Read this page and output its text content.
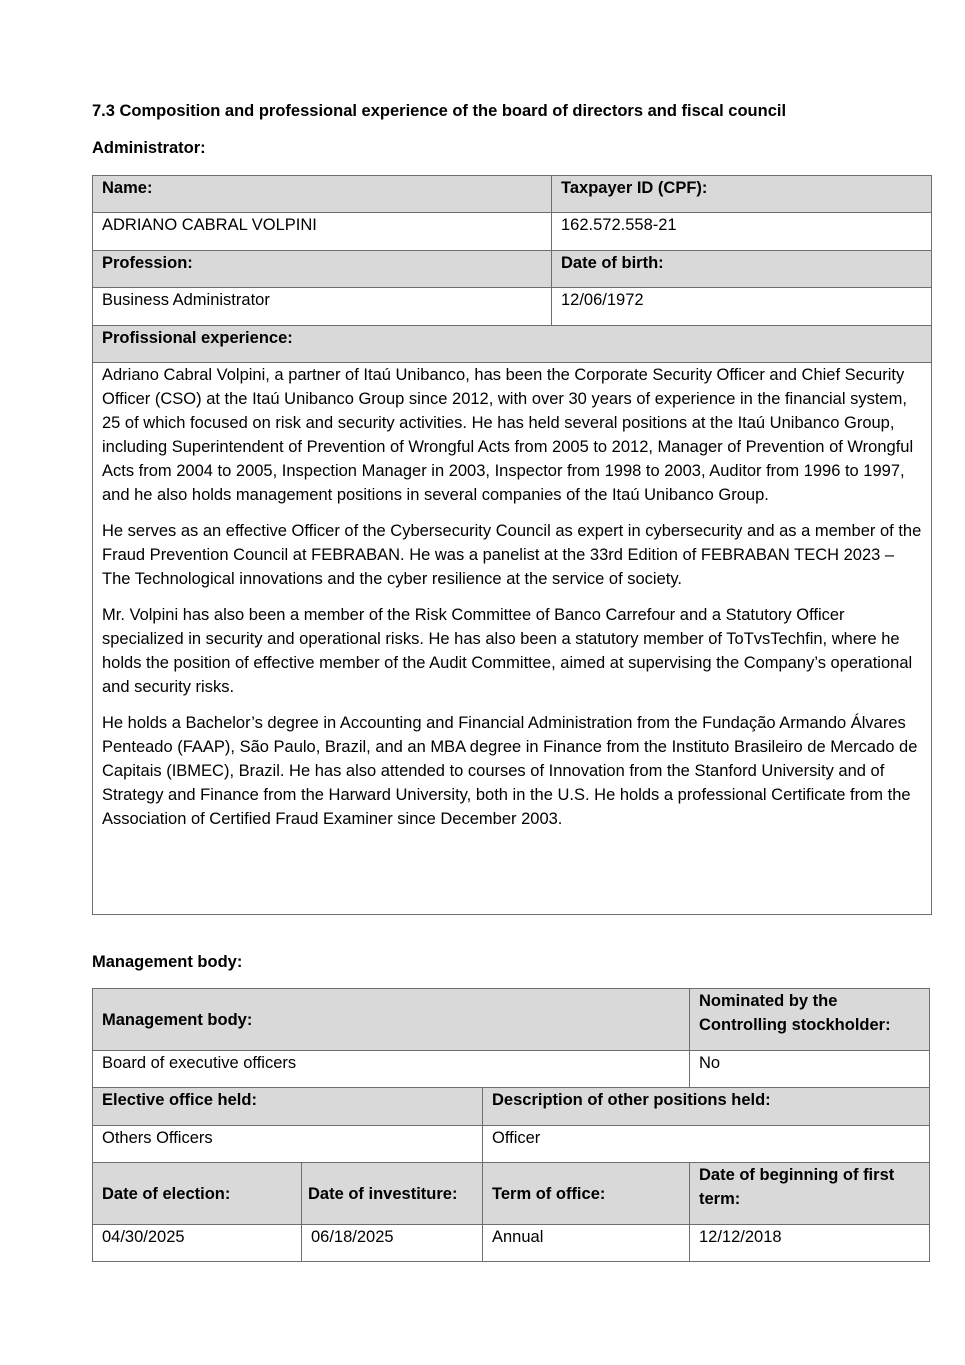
7.3 Composition and professional experience of the board of directors and fiscal council
Administrator:
Name:	Taxpayer ID (CPF):
ADRIANO CABRAL VOLPINI	162.572.558-21
Profession:	Date of birth:
Business Administrator	12/06/1972
Profissional experience:	

Adriano Cabral Volpini, a partner of Itaú Unibanco, has been the Corporate Security Officer and Chief Security Officer (CSO) at the Itaú Unibanco Group since 2012, with over 30 years of experience in the financial system, 25 of which focused on risk and security activities. He has held several positions at the Itaú Unibanco Group, including Superintendent of Prevention of Wrongful Acts from 2005 to 2012, Manager of Prevention of Wrongful Acts from 2004 to 2005, Inspection Manager in 2003, Inspector from 1998 to 2003, Auditor from 1996 to 1997, and he also holds management positions in several companies of the Itaú Unibanco Group.

He serves as an effective Officer of the Cybersecurity Council as expert in cybersecurity and as a member of the Fraud Prevention Council at FEBRABAN. He was a panelist at the 33rd Edition of FEBRABAN TECH 2023 – The Technological innovations and the cyber resilience at the service of society.

Mr. Volpini has also been a member of the Risk Committee of Banco Carrefour and a Statutory Officer specialized in security and operational risks. He has also been a statutory member of ToTvsTechfin, where he holds the position of effective member of the Audit Committee, aimed at supervising the Company’s operational and security risks.

He holds a Bachelor’s degree in Accounting and Financial Administration from the Fundação Armando Álvares Penteado (FAAP), São Paulo, Brazil, and an MBA degree in Finance from the Instituto Brasileiro de Mercado de Capitais (IBMEC), Brazil. He has also attended to courses of Innovation from the Stanford University and of Strategy and Finance from the Harward University, both in the U.S. He holds a professional Certificate from the Association of Certified Fraud Examiner since December 2003.	

Management body:
Management body:			Nominated by the Controlling stockholder:
Board of executive officers			No
Elective office held:		Description of other positions held:	
Others Officers		Officer	
Date of election:	Date of investiture:	Term of office:	Date of beginning of first term:
04/30/2025	06/18/2025	Annual	12/12/2018
